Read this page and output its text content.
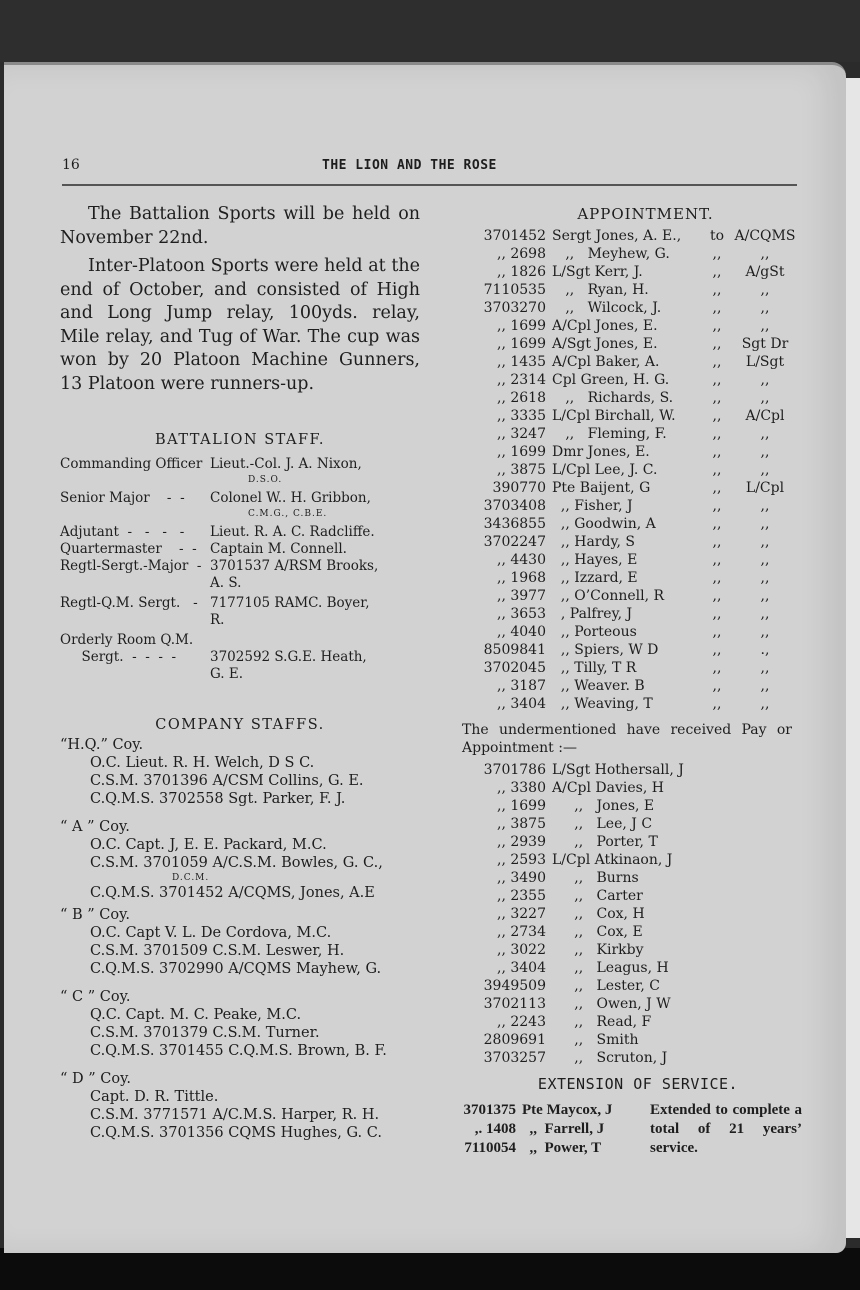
16	THE LION AND THE ROSE

The Battalion Sports will be held on November 22nd.

Inter-Platoon Sports were held at the end of October, and consisted of High and Long Jump relay, 100yds. relay, Mile relay, and Tug of War. The cup was won by 20 Platoon Machine Gunners, 13 Platoon were runners-up.

BATTALION STAFF.

Commanding Officer Lieut.-Col. J. A. Nixon,
D.S.O.
Senior Major    -  -	Colonel W.. H. Gribbon,
C.M.G., C.B.E.
Adjutant  -   -   -   -	Lieut. R. A. C. Radcliffe.
Quartermaster    -  - Captain M. Connell.
Regtl-Sergt.-Major  - 3701537 A/RSM Brooks,
A. S.
Regtl-Q.M. Sergt.   - 7177105 RAMC. Boyer,
R.
Orderly Room Q.M.
Sergt.  -  -  -  -	3702592 S.G.E. Heath,
G. E.

COMPANY STAFFS.

“H.Q.” Coy.
O.C. Lieut. R. H. Welch, D S C.
C.S.M. 3701396 A/CSM Collins, G. E.
C.Q.M.S. 3702558 Sgt. Parker, F. J.
“ A ” Coy.
O.C. Capt. J, E. E. Packard, M.C.
C.S.M. 3701059 A/C.S.M. Bowles, G. C.,
D.C.M.
C.Q.M.S. 3701452 A/CQMS, Jones, A.E
“ B ” Coy.
O.C. Capt V. L. De Cordova, M.C.
C.S.M. 3701509 C.S.M. Leswer, H.
C.Q.M.S. 3702990 A/CQMS Mayhew, G.
“ C ” Coy.
Q.C. Capt. M. C. Peake, M.C.
C.S.M. 3701379 C.S.M. Turner.
C.Q.M.S. 3701455 C.Q.M.S. Brown, B. F.
“ D ” Coy.
Capt. D. R. Tittle.
C.S.M. 3771571 A/C.M.S. Harper, R. H.
C.Q.M.S. 3701356 CQMS Hughes, G. C.

APPOINTMENT.

3701452 Sergt Jones, A. E., to A/CQMS
,, 2698 ,,   Meyhew, G.	,,	,,
,, 1826 L/Sgt Kerr, J.	,,	A/gSt
7110535 ,,   Ryan, H.	,,	,,
3703270 ,,   Wilcock, J.	,,	,,
,, 1699 A/Cpl Jones, E.	,,	,,
,, 1699 A/Sgt Jones, E.	,,	Sgt Dr
,, 1435 A/Cpl Baker, A.	,,	L/Sgt
,, 2314 Cpl Green, H. G.	,,	,,
,, 2618 ,,   Richards, S.	,,	,,
,, 3335 L/Cpl Birchall, W.	,,	A/Cpl
,, 3247 ,,   Fleming, F.	,,	,,
,, 1699 Dmr Jones, E.	,,	,,
,, 3875 L/Cpl Lee, J. C.	,,	,,
390770 Pte Baijent, G	,,	L/Cpl
3703408 ,, Fisher, J	,,	,,
3436855 ,, Goodwin, A	,,	,,
3702247 ,, Hardy, S	,,	,,
,, 4430 ,, Hayes, E	,,	,,
,, 1968 ,, Izzard, E	,,	,,
,, 3977 ,, O’Connell, R	,,	,,
,, 3653 , Palfrey, J	,,	,,
,, 4040 ,, Porteous	,,	,,
8509841 ,, Spiers, W D	,,	.,
3702045 ,, Tilly, T R	,,	,,
,, 3187 ,, Weaver. B	,,	,,
,, 3404 ,, Weaving, T	,,	,,

The undermentioned have received Pay or Appointment :—

3701786 L/Sgt Hothersall, J
,, 3380 A/Cpl Davies, H
,, 1699 ,,   Jones, E
,, 3875 ,,   Lee, J C
,, 2939 ,,   Porter, T
,, 2593 L/Cpl Atkinaon, J
,, 3490 ,,   Burns
,, 2355 ,,   Carter
,, 3227 ,,   Cox, H
,, 2734 ,,   Cox, E
,, 3022 ,,   Kirkby
,, 3404 ,,   Leagus, H
3949509 ,,   Lester, C
3702113 ,,   Owen, J W
,, 2243 ,,   Read, F
2809691 ,,   Smith
3703257 ,,   Scruton, J

EXTENSION OF SERVICE.

3701375 Pte Maycox, J
,. 1408 ,,  Farrell, J
7110054 ,,  Power, T
Extended to complete a total of 21 years’ service.
